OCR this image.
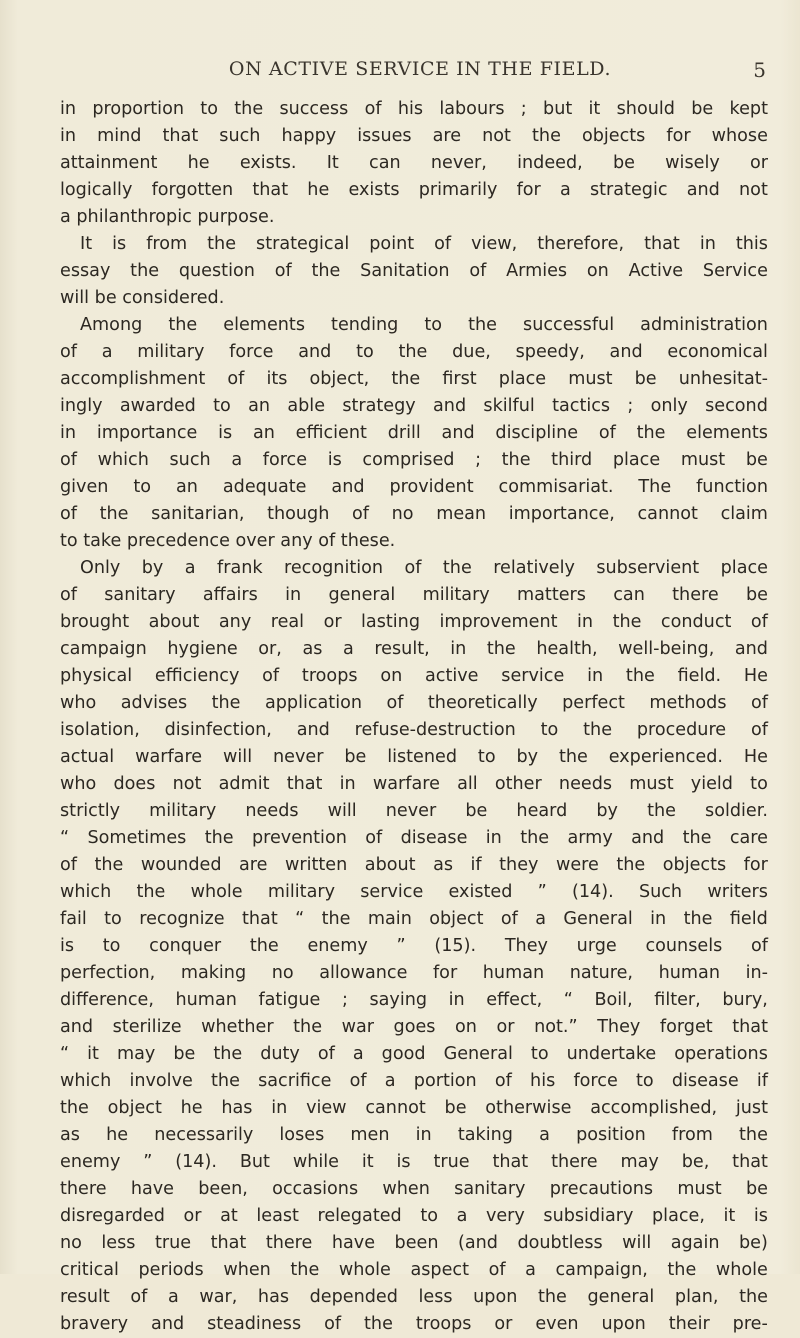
ON ACTIVE SERVICE IN THE FIELD.	5
in proportion to the success of his labours ; but it should be kept
in mind that such happy issues are not the objects for whose
attainment he exists. It can never, indeed, be wisely or
logically forgotten that he exists primarily for a strategic and not
a philanthropic purpose.
It is from the strategical point of view, therefore, that in this
essay the question of the Sanitation of Armies on Active Service
will be considered.
Among the elements tending to the successful administration
of a military force and to the due, speedy, and economical
accomplishment of its object, the first place must be unhesitat-
ingly awarded to an able strategy and skilful tactics ; only second
in importance is an efficient drill and discipline of the elements
of which such a force is comprised ; the third place must be
given to an adequate and provident commisariat. The function
of the sanitarian, though of no mean importance, cannot claim
to take precedence over any of these.
Only by a frank recognition of the relatively subservient place
of sanitary affairs in general military matters can there be
brought about any real or lasting improvement in the conduct of
campaign hygiene or, as a result, in the health, well-being, and
physical efficiency of troops on active service in the field. He
who advises the application of theoretically perfect methods of
isolation, disinfection, and refuse-destruction to the procedure of
actual warfare will never be listened to by the experienced. He
who does not admit that in warfare all other needs must yield to
strictly military needs will never be heard by the soldier.
“ Sometimes the prevention of disease in the army and the care
of the wounded are written about as if they were the objects for
which the whole military service existed ” (14). Such writers
fail to recognize that “ the main object of a General in the field
is to conquer the enemy ” (15). They urge counsels of
perfection, making no allowance for human nature, human in-
difference, human fatigue ; saying in effect, “ Boil, filter, bury,
and sterilize whether the war goes on or not.” They forget that
“ it may be the duty of a good General to undertake operations
which involve the sacrifice of a portion of his force to disease if
the object he has in view cannot be otherwise accomplished, just
as he necessarily loses men in taking a position from the
enemy ” (14). But while it is true that there may be, that
there have been, occasions when sanitary precautions must be
disregarded or at least relegated to a very subsidiary place, it is
no less true that there have been (and doubtless will again be)
critical periods when the whole aspect of a campaign, the whole
result of a war, has depended less upon the general plan, the
bravery and steadiness of the troops or even upon their pre-
